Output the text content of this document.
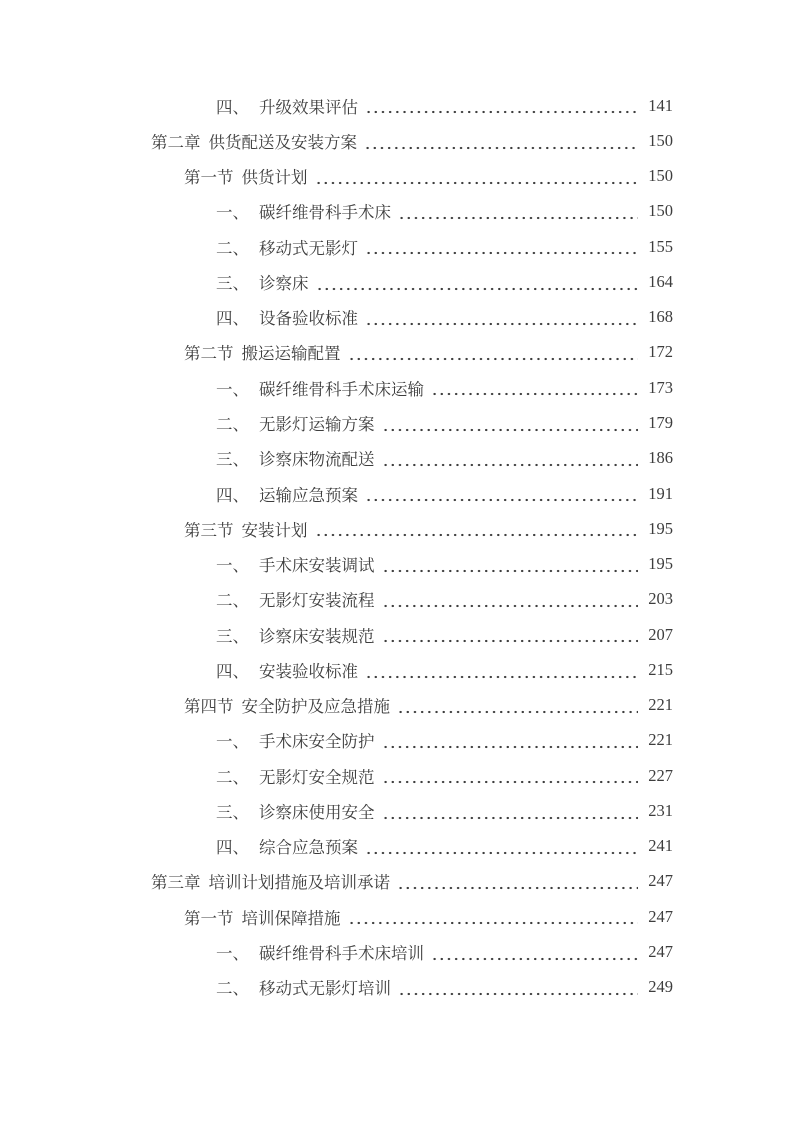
四、 升级效果评估	141
第二章 供货配送及安装方案	150
第一节 供货计划	150
一、 碳纤维骨科手术床	150
二、 移动式无影灯	155
三、 诊察床	164
四、 设备验收标准	168
第二节 搬运运输配置	172
一、 碳纤维骨科手术床运输	173
二、 无影灯运输方案	179
三、 诊察床物流配送	186
四、 运输应急预案	191
第三节 安装计划	195
一、 手术床安装调试	195
二、 无影灯安装流程	203
三、 诊察床安装规范	207
四、 安装验收标准	215
第四节 安全防护及应急措施	221
一、 手术床安全防护	221
二、 无影灯安全规范	227
三、 诊察床使用安全	231
四、 综合应急预案	241
第三章 培训计划措施及培训承诺	247
第一节 培训保障措施	247
一、 碳纤维骨科手术床培训	247
二、 移动式无影灯培训	249
